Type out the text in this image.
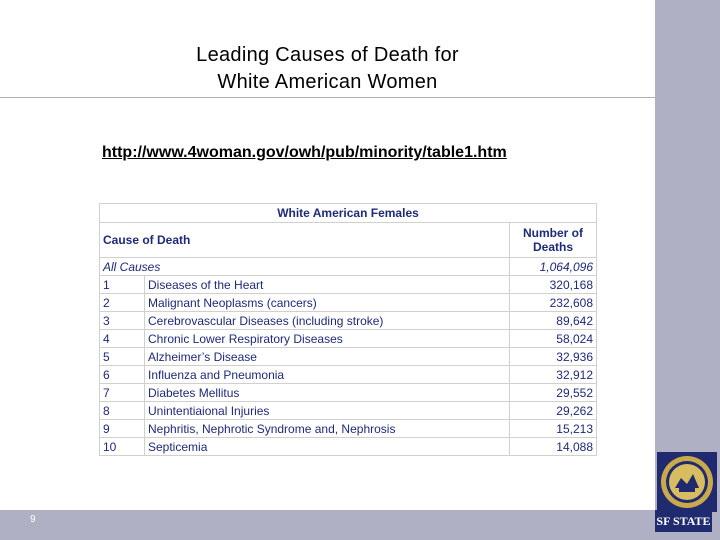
9
Leading Causes of Death for
White American Women
http://www.4woman.gov/owh/pub/minority/table1.htm
White American Females		
Cause of Death		Number of
Deaths

All Causes		1,064,096
1	Diseases of the Heart	320,168
2	Malignant Neoplasms (cancers)	232,608
3	Cerebrovascular Diseases (including stroke)	89,642
4	Chronic Lower Respiratory Diseases	58,024
5	Alzheimer’s Disease	32,936
6	Influenza and Pneumonia	32,912
7	Diabetes Mellitus	29,552
8	Unintentiaional Injuries	29,262
9	Nephritis, Nephrotic Syndrome and, Nephrosis	15,213
10	Septicemia	14,088
SF STATE
